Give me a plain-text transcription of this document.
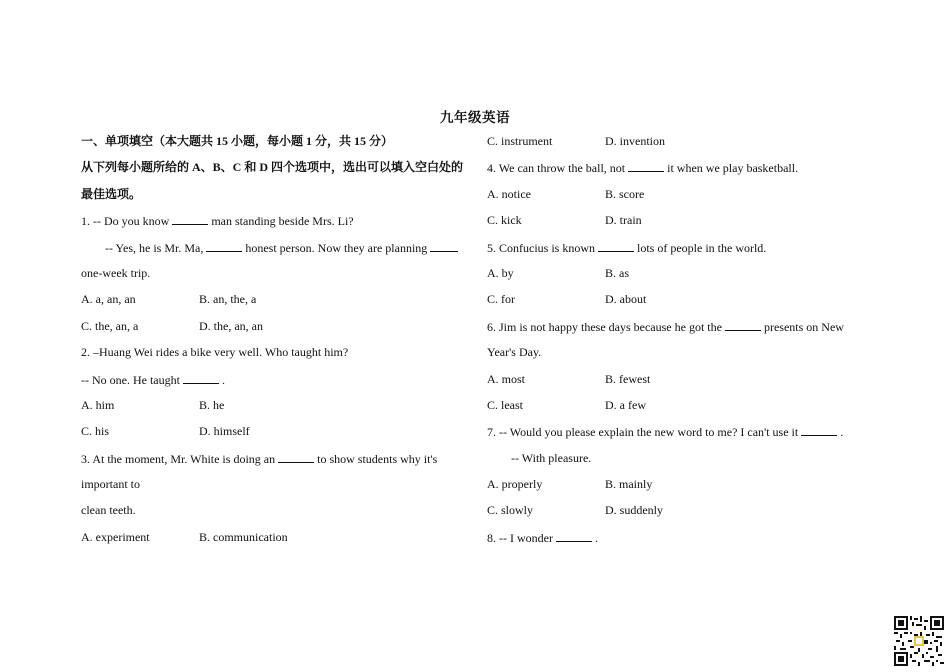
九年级英语
一、单项填空（本大题共 15 小题，每小题 1 分，共 15 分）
从下列每小题所给的 A、B、C 和 D 四个选项中，选出可以填入空白处的
最佳选项。
1. -- Do you know	man standing beside Mrs. Li?
-- Yes, he is Mr. Ma,	honest person. Now they are planning
one-week trip.
A. a, an, an	B. an, the, a
C. the, an, a	D. the, an, an
2. –Huang Wei rides a bike very well. Who taught him?
-- No one. He taught	.
A. him	B. he
C. his	D. himself
3. At the moment, Mr. White is doing an	to show students why it's
important to
clean teeth.
A. experiment	B. communication
C. instrument	D. invention
4. We can throw the ball, not	it when we play basketball.
A. notice	B. score
C. kick	D. train
5. Confucius is known	lots of people in the world.
A. by	B. as
C. for	D. about
6. Jim is not happy these days because he got the	presents on New
Year's Day.
A. most	B. fewest
C. least	D. a few
7. -- Would you please explain the new word to me? I can't use it	.
-- With pleasure.
A. properly	B. mainly
C. slowly	D. suddenly
8. -- I wonder	.
